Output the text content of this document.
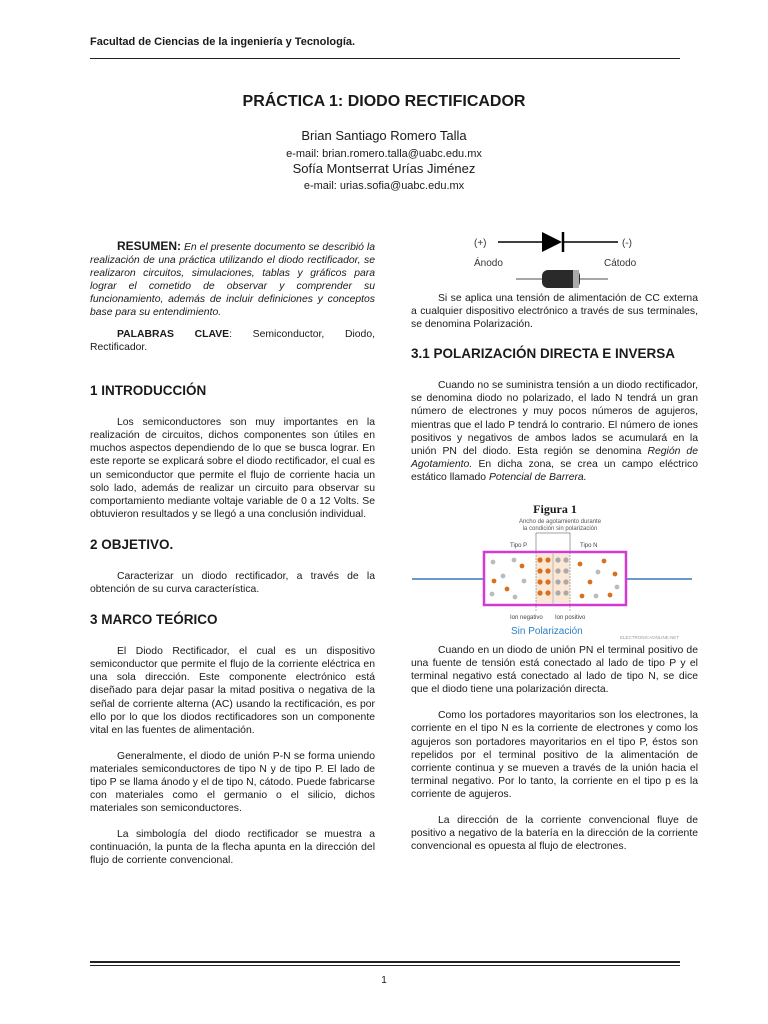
Facultad de Ciencias de la ingeniería y Tecnología.
PRÁCTICA 1: DIODO RECTIFICADOR
Brian Santiago Romero Talla
e-mail: brian.romero.talla@uabc.edu.mx
Sofía Montserrat Urías Jiménez
e-mail: urias.sofia@uabc.edu.mx
RESUMEN: En el presente documento se describió la realización de una práctica utilizando el diodo rectificador, se realizaron circuitos, simulaciones, tablas y gráficos para lograr el cometido de observar y comprender su funcionamiento, además de incluir definiciones y conceptos base para su entendimiento.
PALABRAS CLAVE: Semiconductor, Diodo, Rectificador.
1 INTRODUCCIÓN

Los semiconductores son muy importantes en la realización de circuitos, dichos componentes son útiles en muchos aspectos dependiendo de lo que se busca lograr. En este reporte se explicará sobre el diodo rectificador, el cual es un semiconductor que permite el flujo de corriente hacia un solo lado, además de realizar un circuito para observar su comportamiento mediante voltaje variable de 0 a 12 Volts. Se obtuvieron resultados y se llegó a una conclusión individual.

2 OBJETIVO.

Caracterizar un diodo rectificador, a través de la obtención de su curva característica.

3 MARCO TEÓRICO

El Diodo Rectificador, el cual es un dispositivo semiconductor que permite el flujo de la corriente eléctrica en una sola dirección. Este componente electrónico está diseñado para dejar pasar la mitad positiva o negativa de la señal de corriente alterna (AC) usando la rectificación, es por ello por lo que los diodos rectificadores son un componente vital en las fuentes de alimentación.

Generalmente, el diodo de unión P-N se forma uniendo materiales semiconductores de tipo N y de tipo P. El lado de tipo P se llama ánodo y el de tipo N, cátodo. Puede fabricarse con materiales como el germanio o el silicio, dichos materiales son semiconductores.

La simbología del diodo rectificador se muestra a continuación, la punta de la flecha apunta en la dirección del flujo de corriente convencional.

(+)	(-)
Ánodo	Cátodo

Si se aplica una tensión de alimentación de CC externa a cualquier dispositivo electrónico a través de sus terminales, se denomina Polarización.

3.1 POLARIZACIÓN DIRECTA E INVERSA

Cuando no se suministra tensión a un diodo rectificador, se denomina diodo no polarizado, el lado N tendrá un gran número de electrones y muy pocos números de agujeros, mientras que el lado P tendrá lo contrario. El número de iones positivos y negativos de ambos lados se acumulará en la unión PN del diodo. Esta región se denomina Región de Agotamiento. En dicha zona, se crea un campo eléctrico estático llamado Potencial de Barrera.

Figura 1
Ancho de agotamiento durante
la condición sin polarización
Tipo P	Tipo N
Ion negativo Ion positivo
Sin Polarización
ELECTRONICAONLINE.NET

Cuando en un diodo de unión PN el terminal positivo de una fuente de tensión está conectado al lado de tipo P y el terminal negativo está conectado al lado de tipo N, se dice que el diodo tiene una polarización directa.

Como los portadores mayoritarios son los electrones, la corriente en el tipo N es la corriente de electrones y como los agujeros son portadores mayoritarios en el tipo P, éstos son repelidos por el terminal positivo de la alimentación de corriente continua y se mueven a través de la unión hacia el terminal negativo. Por lo tanto, la corriente en el tipo p es la corriente de agujeros.

La dirección de la corriente convencional fluye de positivo a negativo de la batería en la dirección de la corriente convencional es opuesta al flujo de electrones.

1
